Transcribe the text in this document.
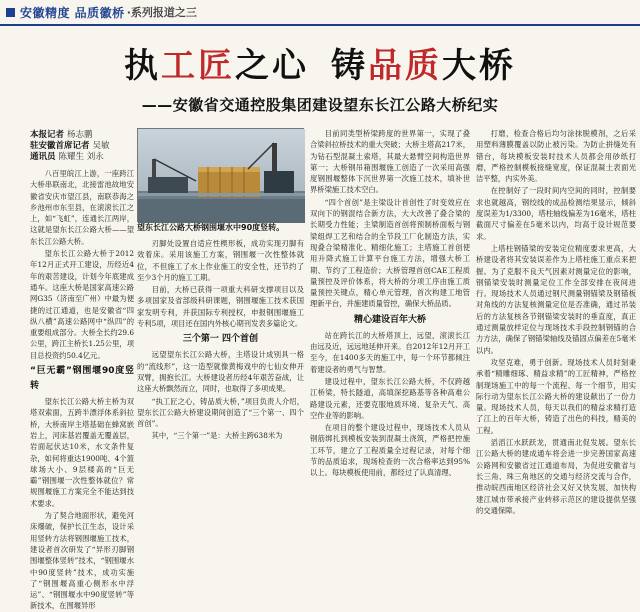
安徽精度 品质徽桥 ·系列报道之三
执工匠之心 铸品质大桥
——安徽省交通控股集团建设望东长江公路大桥纪实
本报记者 杨志鹏
驻安徽首席记者 吴敏
通讯员 陈耀生 刘永

八百里皖江上游，一座跨江大桥串联南北，北接雷池故地安徽省安庆市望江县，南联恭海之乡池州市东至县，在滚滚长江之上，如“飞虹”，连通长江两岸，这就是望东长江公路大桥——望东长江公路大桥。

望东长江公路大桥于2012年12月正式开工建设，历经近4年的艰苦建设，计划今年底建成通车。这座大桥是国家高速公路网G35（济南至广州）中最为便捷的过江通道，也是安徽省“四纵八横”高速公路网中“纵四”的重要组成部分。大桥全长约29.6公里，跨江主桥长1.25公里，项目总投资约50.4亿元。

“巨无霸”钢围堰90度竖转

望东长江公路大桥主桥为双塔双索面，五跨半漂浮体系斜拉桥，大桥南岸主塔基础在蜂窝嵌岩上，河床基岩覆盖无覆盖层，岩面起伏达10米，水文条件复杂，如何将重达1900吨、4个篮球场大小、9层楼高的“巨无霸”钢围堰一次性整体就位？常规围堰施工方案完全不能达到技术要求。

为了契合地面形状，避免河床爆破，保护长江生态，设计采用竖转方法将钢围堰施工技术，建设者首次研发了“异形刃脚钢围堰整体竖转”技术，“钢围堰水中90度竖转”技术，成功实施了“钢围堰高重心侧形水中浮运”、“钢围堰水中90度竖转”等新技术，在围堰异形

望东长江公路大桥钢围堰水中90度竖转。

刃脚处设置自适应性楔形板，成功实现刃脚有效着床。采用该施工方案，钢围堰一次性整体就位，不但施工了水上作业施工的安全性，还节约了至少3个月的施工工期。

目前，大桥已获得一项重大科研支撑项目以及多项国家及省部级科研课题，钢围堰施工技术获国家发明专利，并获国际专利授权，申报钢围堰施工专利5项，项目还在国内外核心期刊发表多篇论文。

三个第一 四个首创

远望望东长江公路大桥，主塔设计成别具一格的“流线形”，这一造型就像黄梅戏中的七仙女伸开双臂，拥抱长江。大桥建设者历经4年艰苦奋战，让这座大桥飘然而立，同时，也取得了多项成果。

“执工匠之心，铸品质大桥，”项目负责人介绍，望东长江公路大桥建设期间创造了“三个第一、四个首创”。

其中，“三个第一”是：大桥主跨638米为

目前同类型桥梁跨度的世界第一，实现了叠合梁斜拉桥技术的重大突破；大桥主塔高217米，为钻石型混凝土索塔，其最大悬臂空间构造世界第一；大桥钢吊箱围堰施工创造了一次采用高强度钢围堰整体下沉世界第一次施工技术，填补世界桥梁施工技术空白。

“四个首创”是主梁设计首创性了时变效应在双向下的钢混结合新方法，大大改善了叠合梁的长期受力性能；主梁制造首创将预制桥面板与钢梁组焊工艺和结合的全节段工厂化制造方法，实现叠合梁精准化、精细化施工；主塔施工首创使用升降式施工计算平台施工方法，增强大桥工期、节约了工程造价；大桥管理首创CAE工程质量预控及评价体系，将大桥的分项工序由施工质量预控关键点，精心单元管理，首次构建工地管理新平台，并施建质量管控，确保大桥品质。

精心建设百年大桥

站在跨长江的大桥塔顶上，远望，滚滚长江由远及近，远远地延伸开来。自2012年12月开工至今，在1400多天的施工中，每一个环节都倾注着建设者的勇气与智慧。

建设过程中，望东长江公路大桥，不仅跨越江桥梁，特长隧道，高填深挖路基等各种高难公路建设元素，还要克服地质环境、复杂天气、高空作业等的影响。

在项目的整个建设过程中，现场技术人员从钢筋绑扎到模板安装到混凝土浇筑，严格把控施工环节，建立了工程质量全过程记录，对每个细节的品质追求，现场检查的一次合格率达到95%以上。每块模板使用前，都经过了认真清理、

打磨，检查合格后均匀涂抹脱模剂，之后采用塑料薄膜覆盖以防止被污染。为防止拼缝处有错台，每块模板安装时技术人员都会用砂纸打磨，严格控制模板接缝宽度，保证混凝土表面光洁平整，内实外美。

在控制好了一段时间内空间的同时，控制要求也就越高，钢绞线的成品检测结果显示，倾斜度误差为1/3300，塔柱轴线偏差为16毫米，塔柱截面尺寸偏差在5毫米以内，均高于设计规范要求。

上塔柱钢锚梁的安装定位精度要求更高，大桥建设者将其安装误差作为上塔柱施工重点来把握。为了克服不良天气因素对测量定位的影响，钢锚梁安装时测量定位工作全部安排在夜间进行。现场技术人员通过钢尺测量钢锚梁及钢锚板对角线的方法复核测量定位是否准确，通过吊装后的方法复核各节钢锚梁安装时的垂直度，真正通过测量放样定位与现场技术手段控制钢锚的合力方法，确保了钢锚梁轴线及锚固点偏差在5毫米以内。

攻坚克难，勇于创新。现场技术人员时刻秉承着“精雕细琢、精益求精”的工匠精神，严格控制现场施工中的每一个流程、每一个细节，用实际行动为望东长江公路大桥的建设献出了一份力量。现场技术人员，每天以我们的精益求精打造了江上的百年大桥，铸造了出色的科技，精美的工程。

滔滔江水跃跃龙，贯通南北促发展。望东长江公路大桥的建成通车将会进一步完善国家高速公路网和安徽省过江通道布局，为促进安徽省与长三角、珠三角地区的交通与经济交流与合作，推动皖西南地区经济社会又好又快发展，加快构建江城市带承接产业转移示范区的建设提供坚强的交通保障。
